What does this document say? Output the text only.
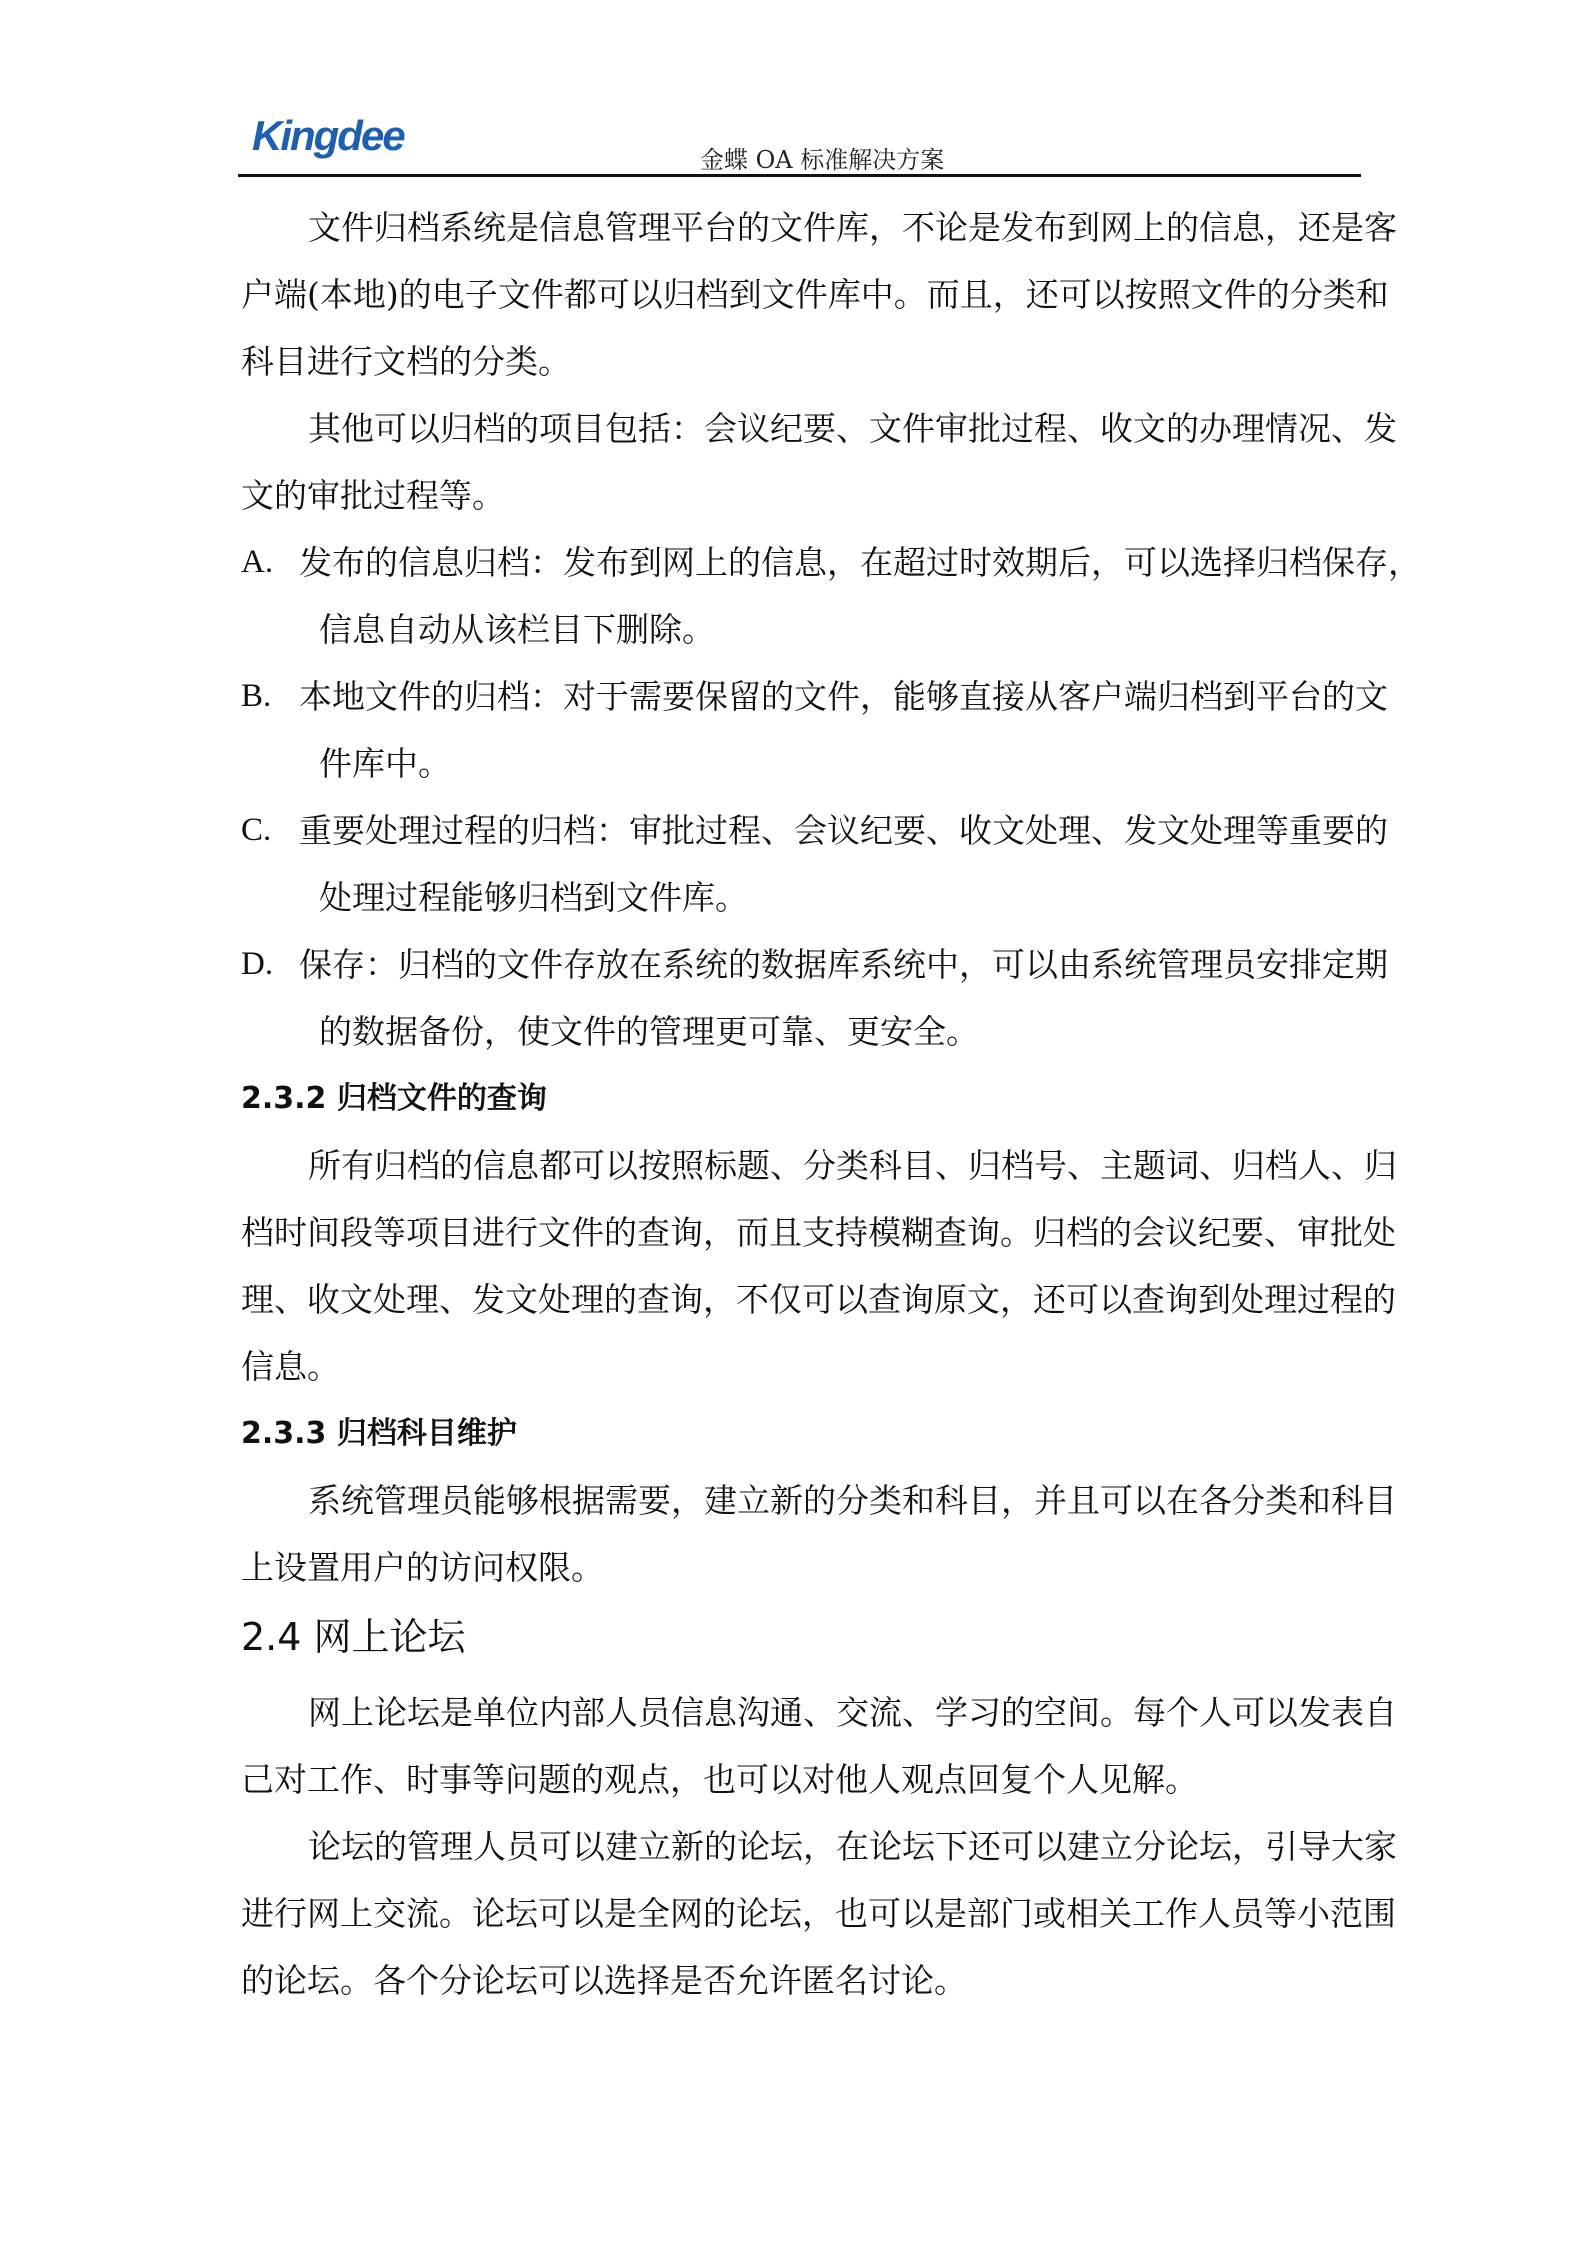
Kingdee
金蝶 OA 标准解决方案
文件归档系统是信息管理平台的文件库，不论是发布到网上的信息，还是客
户端(本地)的电子文件都可以归档到文件库中。而且，还可以按照文件的分类和
科目进行文档的分类。
其他可以归档的项目包括：会议纪要、文件审批过程、收文的办理情况、发
文的审批过程等。
A. 发布的信息归档：发布到网上的信息，在超过时效期后，可以选择归档保存，
信息自动从该栏目下删除。
B. 本地文件的归档：对于需要保留的文件，能够直接从客户端归档到平台的文
件库中。
C. 重要处理过程的归档：审批过程、会议纪要、收文处理、发文处理等重要的
处理过程能够归档到文件库。
D. 保存：归档的文件存放在系统的数据库系统中，可以由系统管理员安排定期
的数据备份，使文件的管理更可靠、更安全。
2.3.2 归档文件的查询
所有归档的信息都可以按照标题、分类科目、归档号、主题词、归档人、归
档时间段等项目进行文件的查询，而且支持模糊查询。归档的会议纪要、审批处
理、收文处理、发文处理的查询，不仅可以查询原文，还可以查询到处理过程的
信息。
2.3.3 归档科目维护
系统管理员能够根据需要，建立新的分类和科目，并且可以在各分类和科目
上设置用户的访问权限。
2.4 网上论坛
网上论坛是单位内部人员信息沟通、交流、学习的空间。每个人可以发表自
己对工作、时事等问题的观点，也可以对他人观点回复个人见解。
论坛的管理人员可以建立新的论坛，在论坛下还可以建立分论坛，引导大家
进行网上交流。论坛可以是全网的论坛，也可以是部门或相关工作人员等小范围
的论坛。各个分论坛可以选择是否允许匿名讨论。
